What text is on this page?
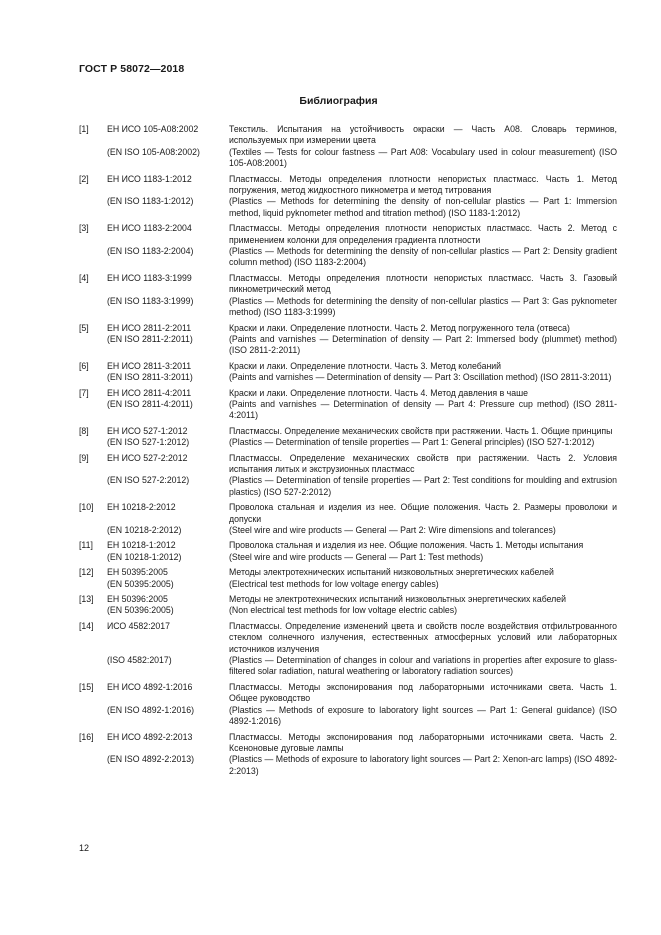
ГОСТ Р 58072—2018
Библиография
[1]	ЕН ИСО 105-A08:2002	Текстиль. Испытания на устойчивость окраски — Часть A08. Словарь терминов, используемых при измерении цвета
(EN ISO 105-A08:2002)	(Textiles — Tests for colour fastness — Part A08: Vocabulary used in colour measurement) (ISO 105-A08:2001)
[2]	ЕН ИСО 1183-1:2012	Пластмассы. Методы определения плотности непористых пластмасс. Часть 1. Метод погружения, метод жидкостного пикнометра и метод титрования
(EN ISO 1183-1:2012)	(Plastics — Methods for determining the density of non-cellular plastics — Part 1: Immersion method, liquid pyknometer method and titration method) (ISO 1183-1:2012)
[3]	ЕН ИСО 1183-2:2004	Пластмассы. Методы определения плотности непористых пластмасс. Часть 2. Метод с применением колонки для определения градиента плотности
(EN ISO 1183-2:2004)	(Plastics — Methods for determining the density of non-cellular plastics — Part 2: Density gradient column method) (ISO 1183-2:2004)
[4]	ЕН ИСО 1183-3:1999	Пластмассы. Методы определения плотности непористых пластмасс. Часть 3. Газовый пикнометрический метод
(EN ISO 1183-3:1999)	(Plastics — Methods for determining the density of non-cellular plastics — Part 3: Gas pyknometer method) (ISO 1183-3:1999)
[5]	ЕН ИСО 2811-2:2011	Краски и лаки. Определение плотности. Часть 2. Метод погруженного тела (отвеса)
(EN ISO 2811-2:2011)	(Paints and varnishes — Determination of density — Part 2: Immersed body (plummet) method) (ISO 2811-2:2011)
[6]	ЕН ИСО 2811-3:2011	Краски и лаки. Определение плотности. Часть 3. Метод колебаний
(EN ISO 2811-3:2011)	(Paints and varnishes — Determination of density — Part 3: Oscillation method) (ISO 2811-3:2011)
[7]	ЕН ИСО 2811-4:2011	Краски и лаки. Определение плотности. Часть 4. Метод давления в чаше
(EN ISO 2811-4:2011)	(Paints and varnishes — Determination of density — Part 4: Pressure cup method) (ISO 2811-4:2011)
[8]	ЕН ИСО 527-1:2012	Пластмассы. Определение механических свойств при растяжении. Часть 1. Общие принципы
(EN ISO 527-1:2012)	(Plastics — Determination of tensile properties — Part 1: General principles) (ISO 527-1:2012)
[9]	ЕН ИСО 527-2:2012	Пластмассы. Определение механических свойств при растяжении. Часть 2. Условия испытания литых и экструзионных пластмасс
(EN ISO 527-2:2012)	(Plastics — Determination of tensile properties — Part 2: Test conditions for moulding and extrusion plastics) (ISO 527-2:2012)
[10]	ЕН 10218-2:2012	Проволока стальная и изделия из нее. Общие положения. Часть 2. Размеры проволоки и допуски
(EN 10218-2:2012)	(Steel wire and wire products — General — Part 2: Wire dimensions and tolerances)
[11]	ЕН 10218-1:2012	Проволока стальная и изделия из нее. Общие положения. Часть 1. Методы испытания
(EN 10218-1:2012)	(Steel wire and wire products — General — Part 1: Test methods)
[12]	ЕН 50395:2005	Методы электротехнических испытаний низковольтных энергетических кабелей
(EN 50395:2005)	(Electrical test methods for low voltage energy cables)
[13]	ЕН 50396:2005	Методы не электротехнических испытаний низковольтных энергетических кабелей
(EN 50396:2005)	(Non electrical test methods for low voltage electric cables)
[14]	ИСО 4582:2017	Пластмассы. Определение изменений цвета и свойств после воздействия отфильтрованного стеклом солнечного излучения, естественных атмосферных условий или лабораторных источников излучения
(ISO 4582:2017)	(Plastics — Determination of changes in colour and variations in properties after exposure to glass-filtered solar radiation, natural weathering or laboratory radiation sources)
[15]	ЕН ИСО 4892-1:2016	Пластмассы. Методы экспонирования под лабораторными источниками света. Часть 1. Общее руководство
(EN ISO 4892-1:2016)	(Plastics — Methods of exposure to laboratory light sources — Part 1: General guidance) (ISO 4892-1:2016)
[16]	ЕН ИСО 4892-2:2013	Пластмассы. Методы экспонирования под лабораторными источниками света. Часть 2. Ксеноновые дуговые лампы
(EN ISO 4892-2:2013)	(Plastics — Methods of exposure to laboratory light sources — Part 2: Xenon-arc lamps) (ISO 4892-2:2013)
12
